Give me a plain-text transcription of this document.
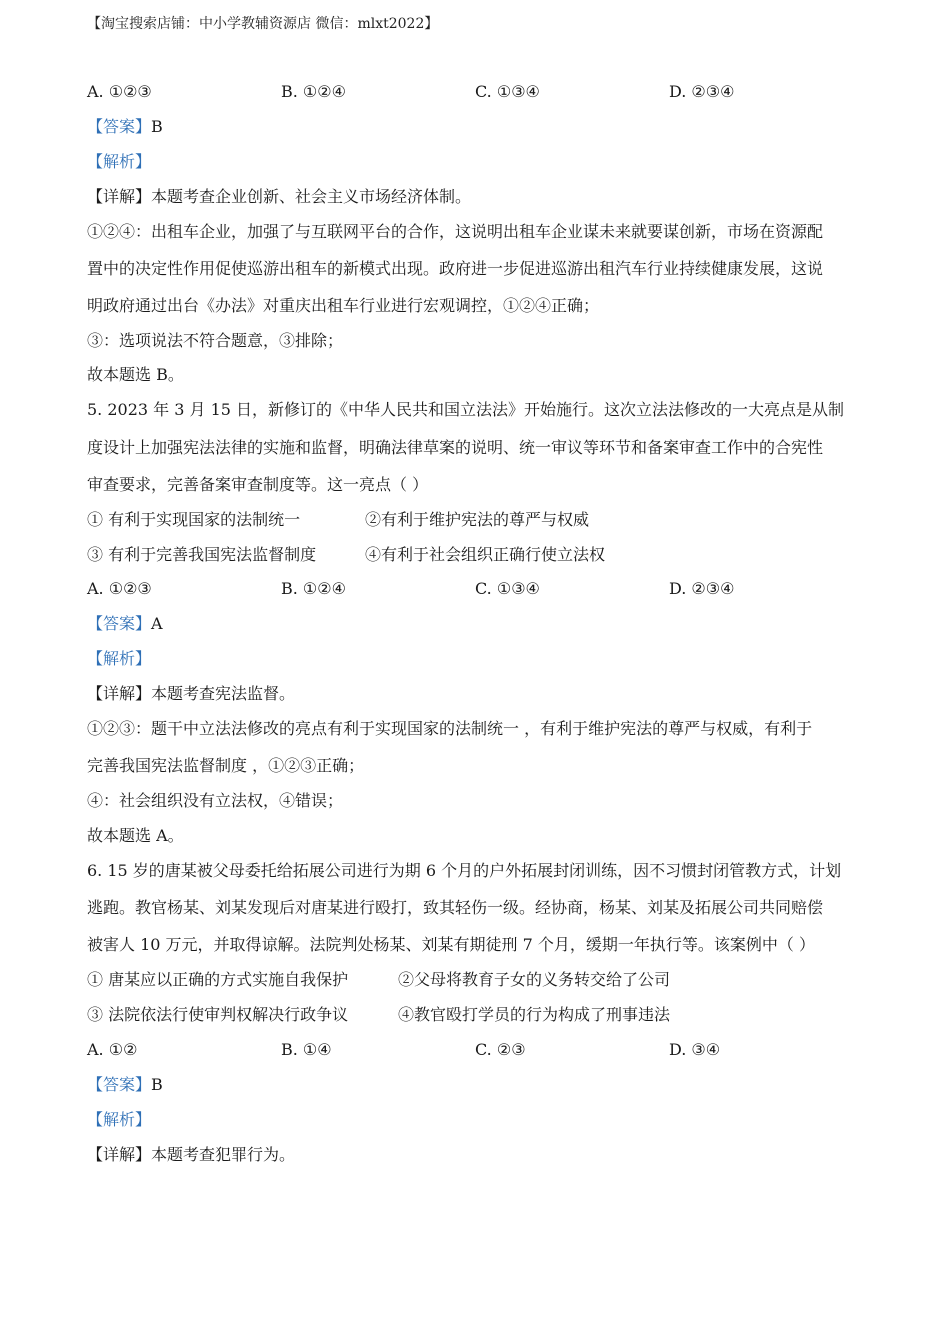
【淘宝搜索店铺：中小学教辅资源店 微信：mlxt2022】
A. ①②③	B. ①②④	C. ①③④	D. ②③④
【答案】B
【解析】
【详解】本题考查企业创新、社会主义市场经济体制。
①②④：出租车企业，加强了与互联网平台的合作，这说明出租车企业谋未来就要谋创新，市场在资源配
置中的决定性作用促使巡游出租车的新模式出现。政府进一步促进巡游出租汽车行业持续健康发展，这说
明政府通过出台《办法》对重庆出租车行业进行宏观调控，①②④正确；
③：选项说法不符合题意，③排除；
故本题选 B。
5. 2023 年 3 月 15 日，新修订的《中华人民共和国立法法》开始施行。这次立法法修改的一大亮点是从制
度设计上加强宪法法律的实施和监督，明确法律草案的说明、统一审议等环节和备案审查工作中的合宪性
审查要求，完善备案审查制度等。这一亮点（ ）
① 有利于实现国家的法制统一	②有利于维护宪法的尊严与权威
③ 有利于完善我国宪法监督制度	④有利于社会组织正确行使立法权
A. ①②③	B. ①②④	C. ①③④	D. ②③④
【答案】A
【解析】
【详解】本题考查宪法监督。
①②③：题干中立法法修改的亮点有利于实现国家的法制统一 ，有利于维护宪法的尊严与权威，有利于
完善我国宪法监督制度 ，①②③正确；
④：社会组织没有立法权，④错误；
故本题选 A。
6. 15 岁的唐某被父母委托给拓展公司进行为期 6 个月的户外拓展封闭训练，因不习惯封闭管教方式，计划
逃跑。教官杨某、刘某发现后对唐某进行殴打，致其轻伤一级。经协商，杨某、刘某及拓展公司共同赔偿
被害人 10 万元，并取得谅解。法院判处杨某、刘某有期徒刑 7 个月，缓期一年执行等。该案例中（ ）
① 唐某应以正确的方式实施自我保护	②父母将教育子女的义务转交给了公司
③ 法院依法行使审判权解决行政争议	④教官殴打学员的行为构成了刑事违法
A. ①②	B. ①④	C. ②③	D. ③④
【答案】B
【解析】
【详解】本题考查犯罪行为。
